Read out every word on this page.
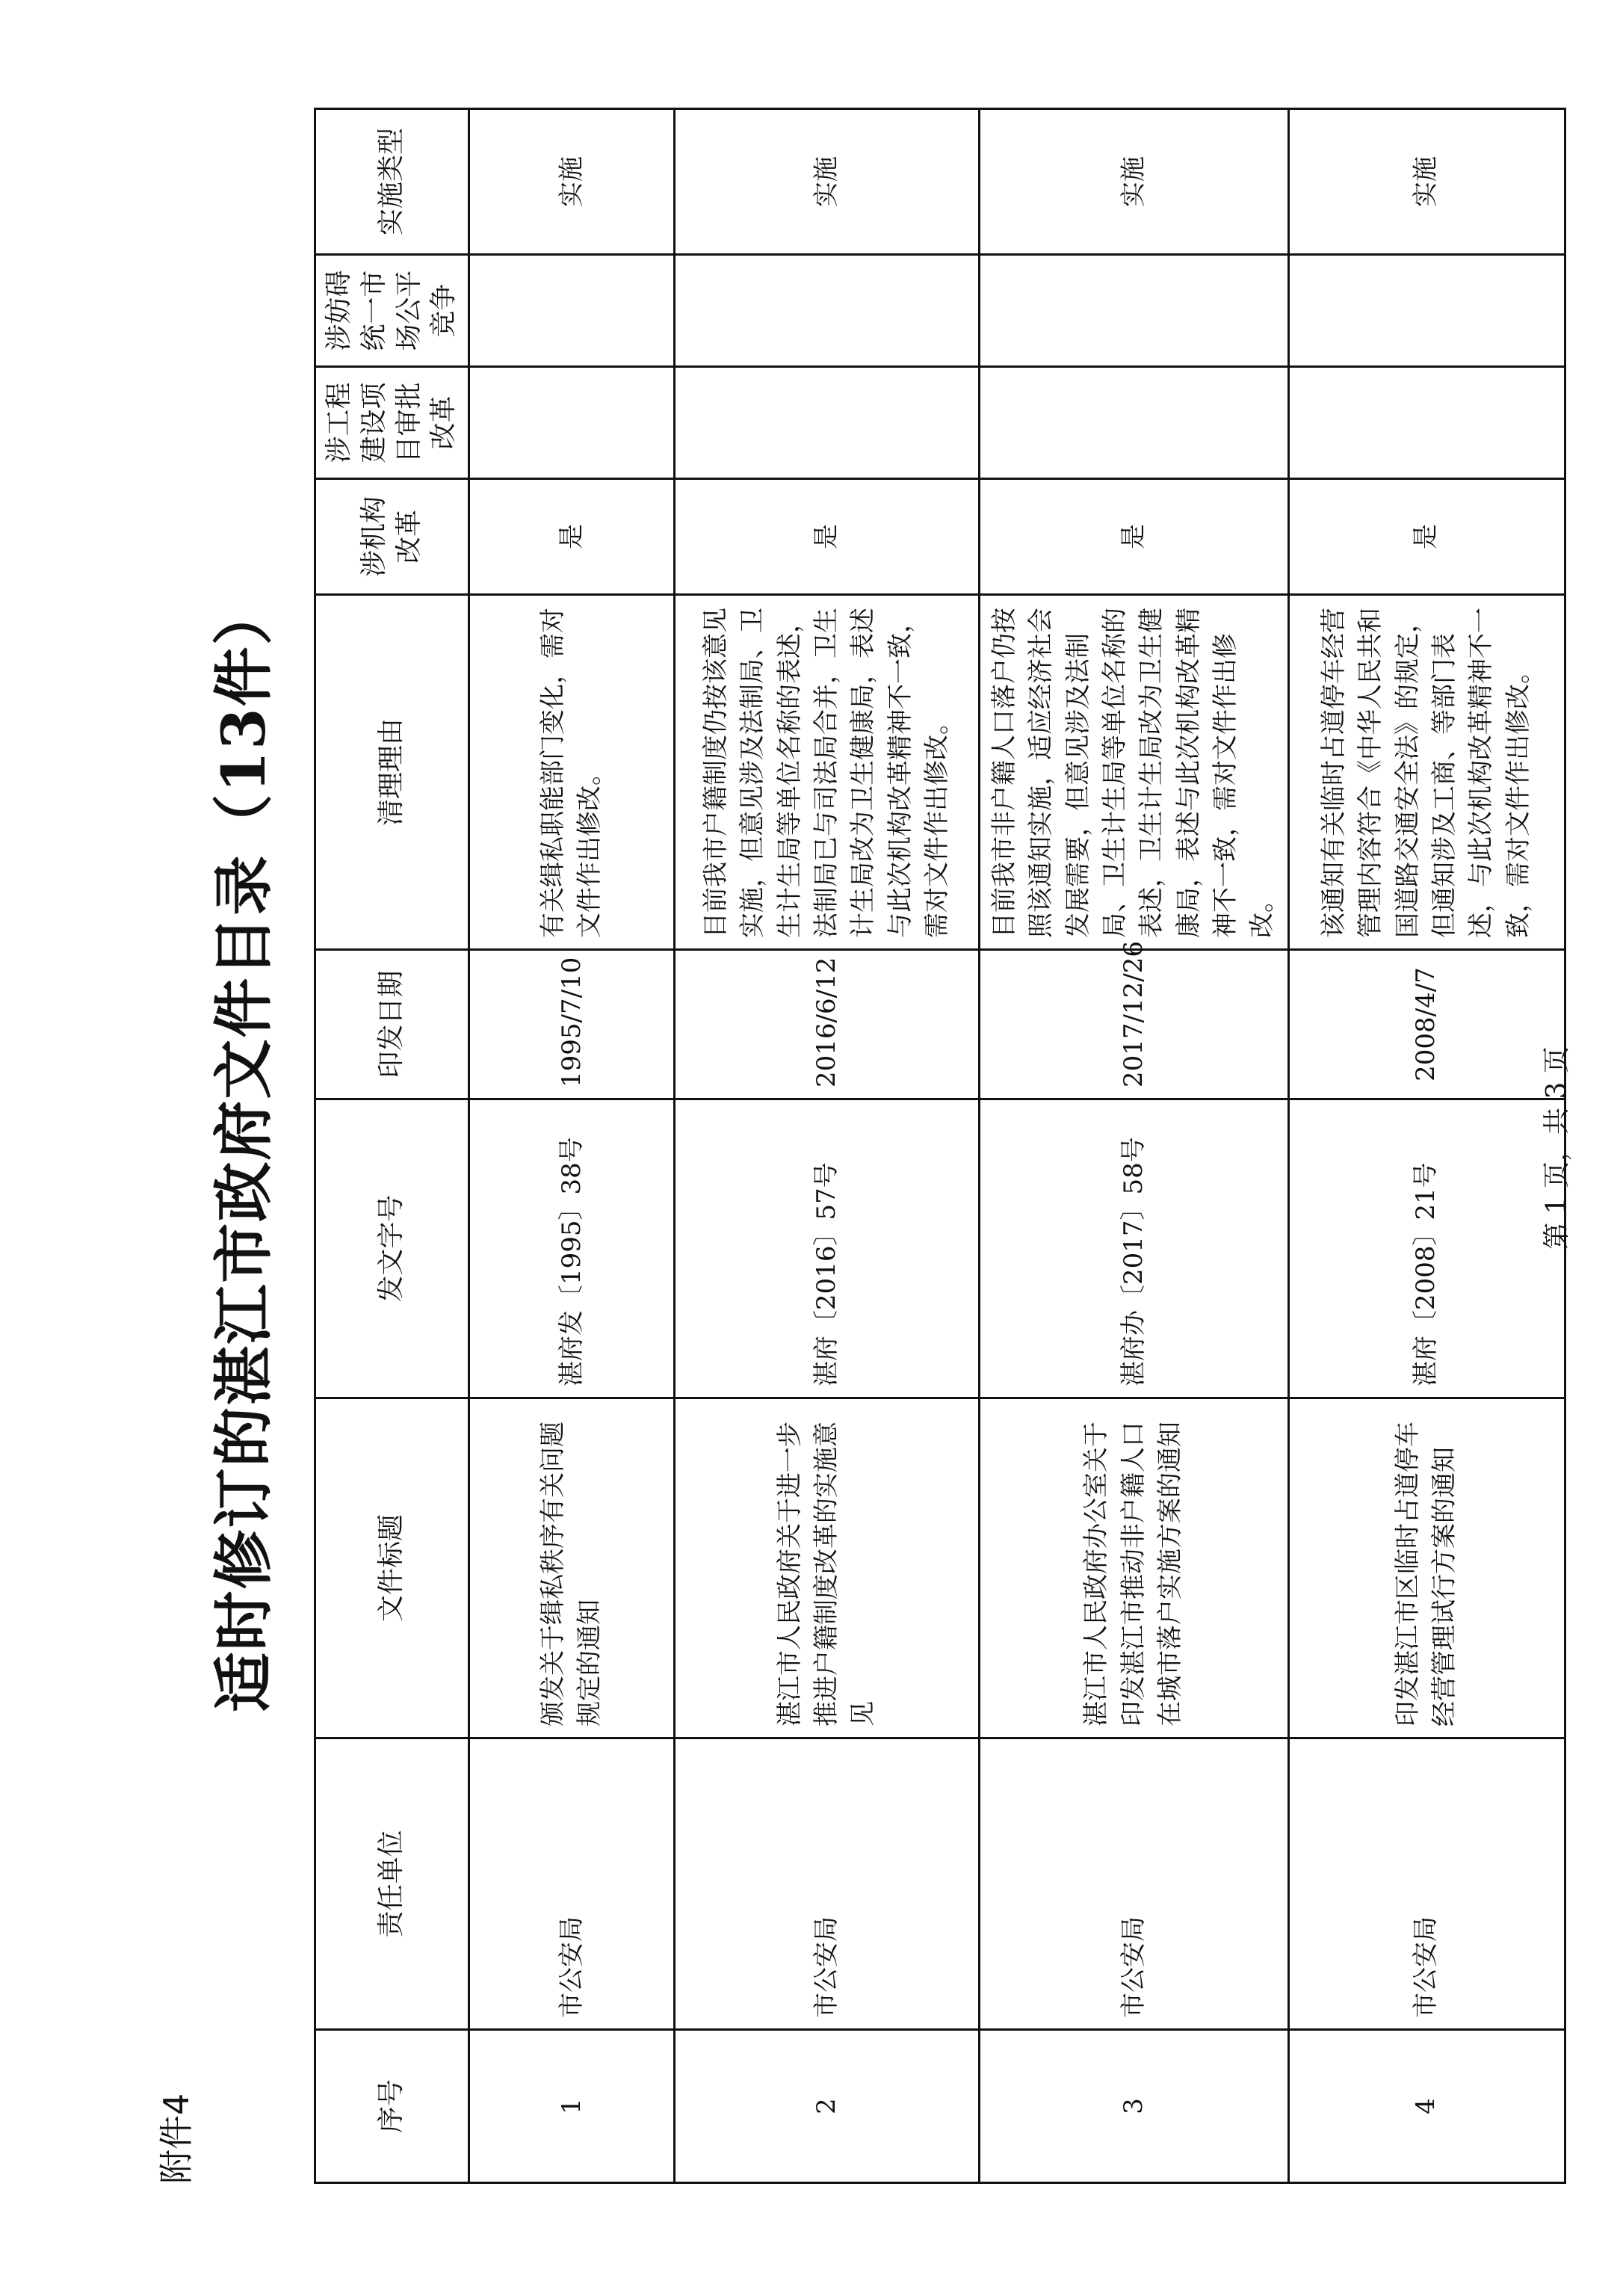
附件4
适时修订的湛江市政府文件目录（13件）
序号	责任单位	文件标题	发文字号	印发日期	清理理由	涉机构改革	涉工程建设项目审批改革	涉妨碍统一市场公平竞争	实施类型
1	市公安局	颁发关于缉私秩序有关问题规定的通知	湛府发〔1995〕38号	1995/7/10	有关缉私职能部门变化，需对文件作出修改。	是			实施
2	市公安局	湛江市人民政府关于进一步推进户籍制度改革的实施意见	湛府〔2016〕57号	2016/6/12	目前我市户籍制度仍按该意见实施，但意见涉及法制局、卫生计生局等单位名称的表述，法制局已与司法局合并，卫生计生局改为卫生健康局，表述与此次机构改革精神不一致，需对文件作出修改。	是			实施
3	市公安局	湛江市人民政府办公室关于印发湛江市推动非户籍人口在城市落户实施方案的通知	湛府办〔2017〕58号	2017/12/26	目前我市非户籍人口落户仍按照该通知实施，适应经济社会发展需要，但意见涉及法制局、卫生计生局等单位名称的表述，卫生计生局改为卫生健康局，表述与此次机构改革精神不一致，需对文件作出修改。	是			实施
4	市公安局	印发湛江市区临时占道停车经营管理试行方案的通知	湛府〔2008〕21号	2008/4/7	该通知有关临时占道停车经营管理内容符合《中华人民共和国道路交通安全法》的规定，但通知涉及工商、等部门表述，与此次机构改革精神不一致，需对文件作出修改。	是			实施
第 1 页，共 3 页
